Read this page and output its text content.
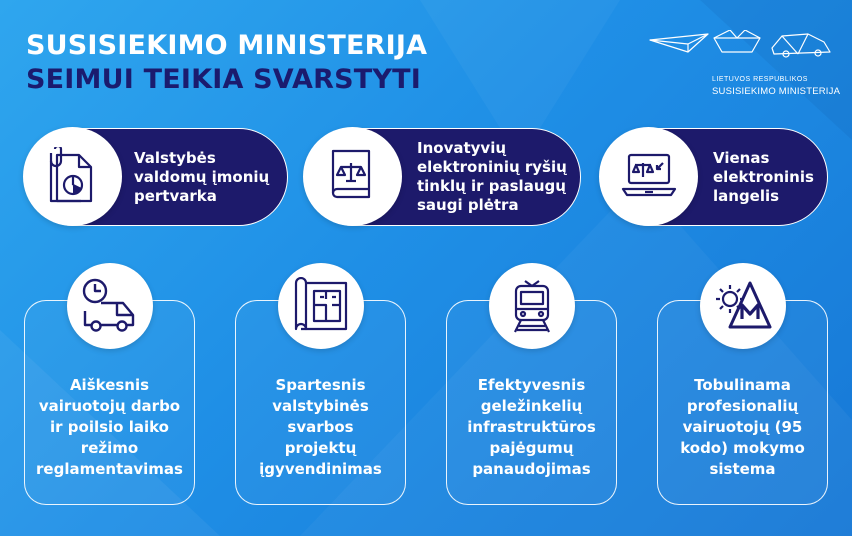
SUSISIEKIMO MINISTERIJA
SEIMUI TEIKIA SVARSTYTI	LIETUVOS RESPUBLIKOS
SUSISIEKIMO MINISTERIJA
Valstybės
valdomų įmonių
pertvarka
Inovatyvių
elektroninių ryšių
tinklų ir paslaugų
saugi plėtra
Vienas
elektroninis
langelis
Aiškesnis
vairuotojų darbo
ir poilsio laiko
režimo
reglamentavimas
Spartesnis
valstybinės
svarbos
projektų
įgyvendinimas
Efektyvesnis
geležinkelių
infrastruktūros
pajėgumų
panaudojimas
Tobulinama
profesionalių
vairuotojų (95
kodo) mokymo
sistema
